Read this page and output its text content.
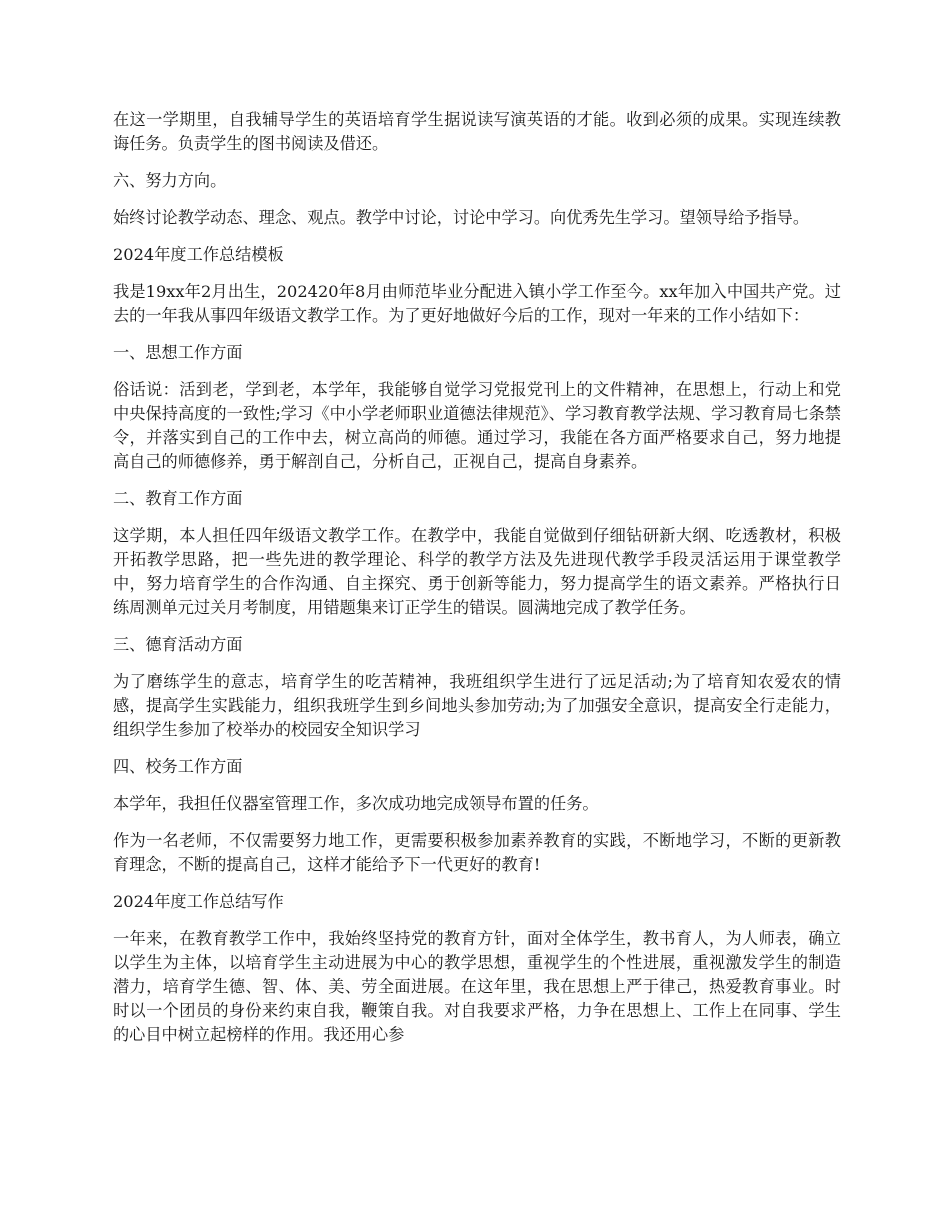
在这一学期里，自我辅导学生的英语培育学生据说读写演英语的才能。收到必须的成果。实现连续教诲任务。负责学生的图书阅读及借还。

六、努力方向。

始终讨论教学动态、理念、观点。教学中讨论，讨论中学习。向优秀先生学习。望领导给予指导。

2024年度工作总结模板

我是19xx年2月出生，202420年8月由师范毕业分配进入镇小学工作至今。xx年加入中国共产党。过去的一年我从事四年级语文教学工作。为了更好地做好今后的工作，现对一年来的工作小结如下：

一、思想工作方面

俗话说：活到老，学到老，本学年，我能够自觉学习党报党刊上的文件精神，在思想上，行动上和党中央保持高度的一致性;学习《中小学老师职业道德法律规范》、学习教育教学法规、学习教育局七条禁令，并落实到自己的工作中去，树立高尚的师德。通过学习，我能在各方面严格要求自己，努力地提高自己的师德修养，勇于解剖自己，分析自己，正视自己，提高自身素养。

二、教育工作方面

这学期，本人担任四年级语文教学工作。在教学中，我能自觉做到仔细钻研新大纲、吃透教材，积极开拓教学思路，把一些先进的教学理论、科学的教学方法及先进现代教学手段灵活运用于课堂教学中，努力培育学生的合作沟通、自主探究、勇于创新等能力，努力提高学生的语文素养。严格执行日练周测单元过关月考制度，用错题集来订正学生的错误。圆满地完成了教学任务。

三、德育活动方面

为了磨练学生的意志，培育学生的吃苦精神，我班组织学生进行了远足活动;为了培育知农爱农的情感，提高学生实践能力，组织我班学生到乡间地头参加劳动;为了加强安全意识，提高安全行走能力，组织学生参加了校举办的校园安全知识学习

四、校务工作方面

本学年，我担任仪器室管理工作，多次成功地完成领导布置的任务。

作为一名老师，不仅需要努力地工作，更需要积极参加素养教育的实践，不断地学习，不断的更新教育理念，不断的提高自己，这样才能给予下一代更好的教育!

2024年度工作总结写作

一年来，在教育教学工作中，我始终坚持党的教育方针，面对全体学生，教书育人，为人师表，确立以学生为主体，以培育学生主动进展为中心的教学思想，重视学生的个性进展，重视激发学生的制造潜力，培育学生德、智、体、美、劳全面进展。在这年里，我在思想上严于律己，热爱教育事业。时时以一个团员的身份来约束自我，鞭策自我。对自我要求严格，力争在思想上、工作上在同事、学生的心目中树立起榜样的作用。我还用心参
